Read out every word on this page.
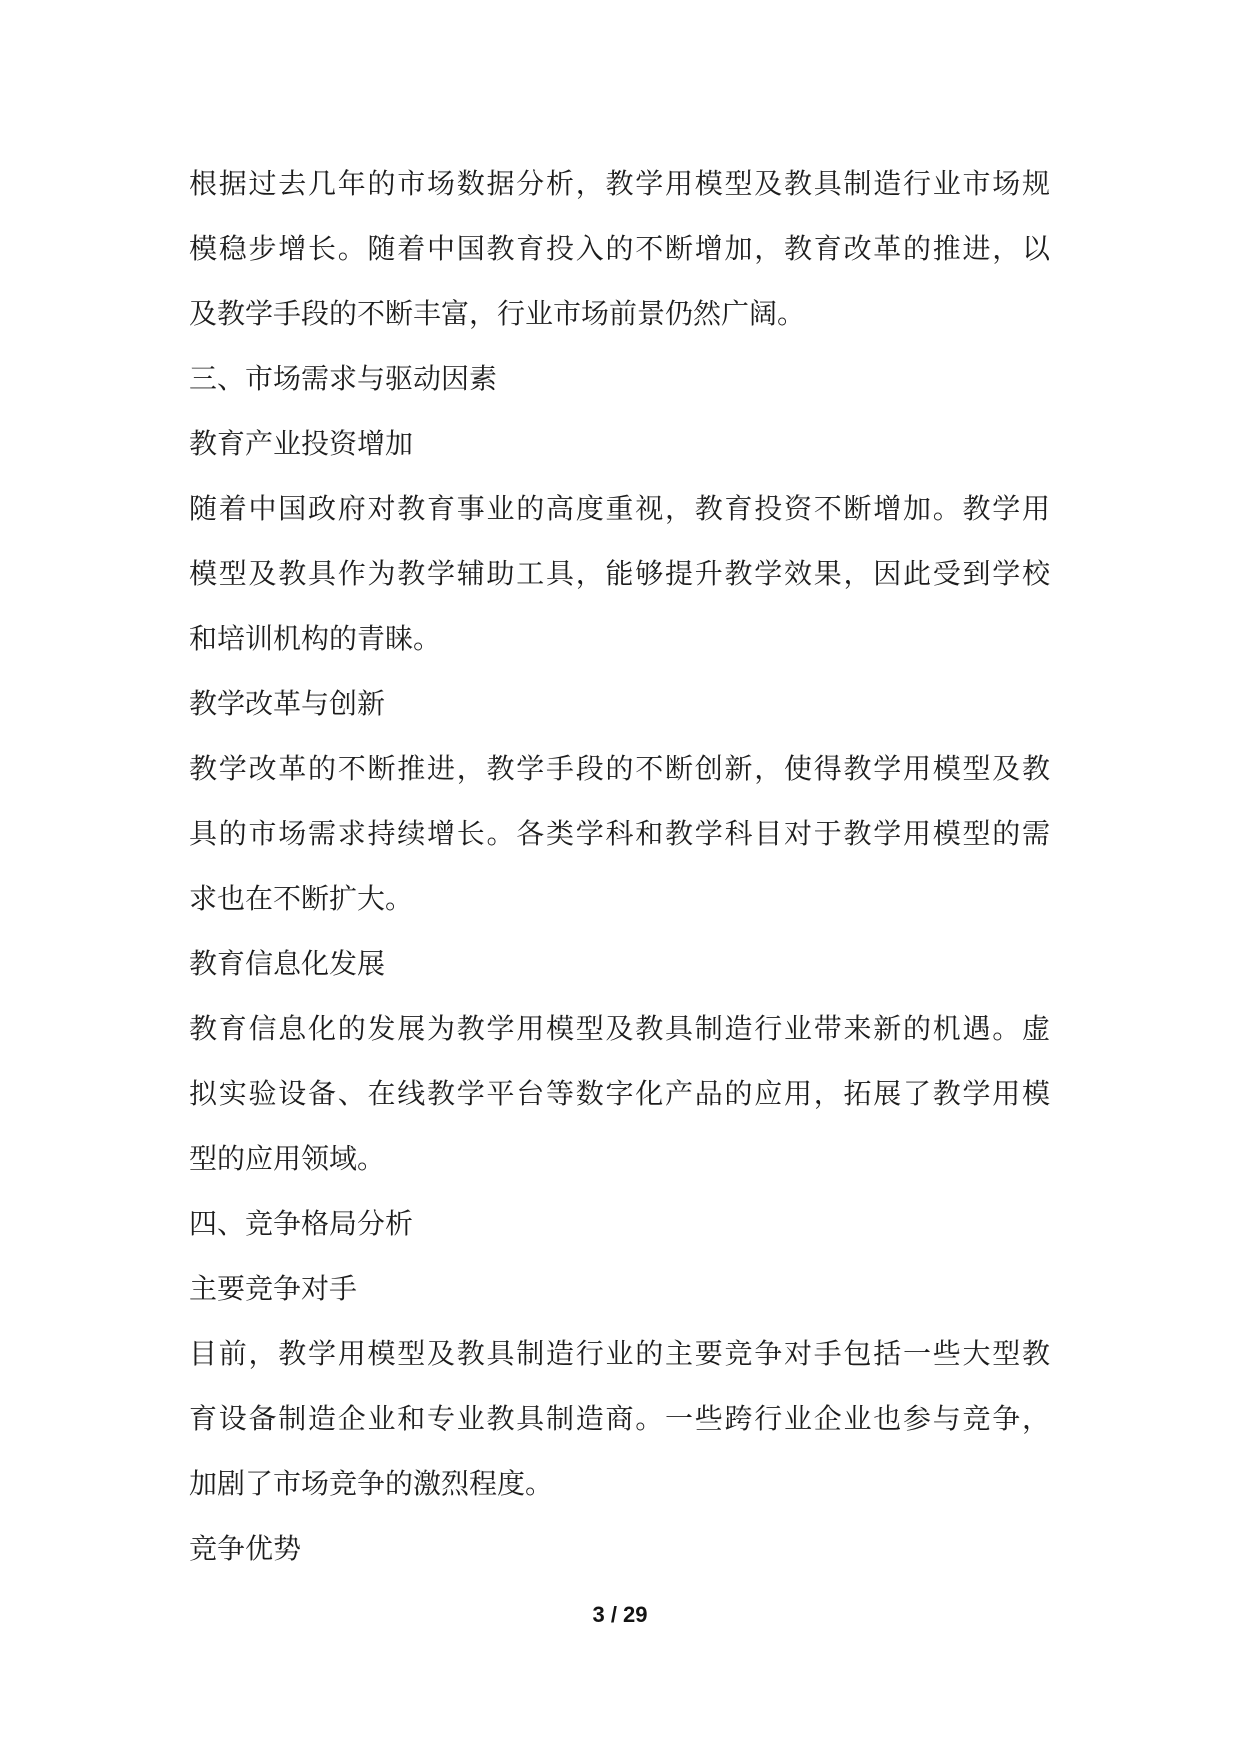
根据过去几年的市场数据分析，教学用模型及教具制造行业市场规
模稳步增长。随着中国教育投入的不断增加，教育改革的推进，以
及教学手段的不断丰富，行业市场前景仍然广阔。
三、市场需求与驱动因素
教育产业投资增加
随着中国政府对教育事业的高度重视，教育投资不断增加。教学用
模型及教具作为教学辅助工具，能够提升教学效果，因此受到学校
和培训机构的青睐。
教学改革与创新
教学改革的不断推进，教学手段的不断创新，使得教学用模型及教
具的市场需求持续增长。各类学科和教学科目对于教学用模型的需
求也在不断扩大。
教育信息化发展
教育信息化的发展为教学用模型及教具制造行业带来新的机遇。虚
拟实验设备、在线教学平台等数字化产品的应用，拓展了教学用模
型的应用领域。
四、竞争格局分析
主要竞争对手
目前，教学用模型及教具制造行业的主要竞争对手包括一些大型教
育设备制造企业和专业教具制造商。一些跨行业企业也参与竞争，
加剧了市场竞争的激烈程度。
竞争优势
3 / 29
